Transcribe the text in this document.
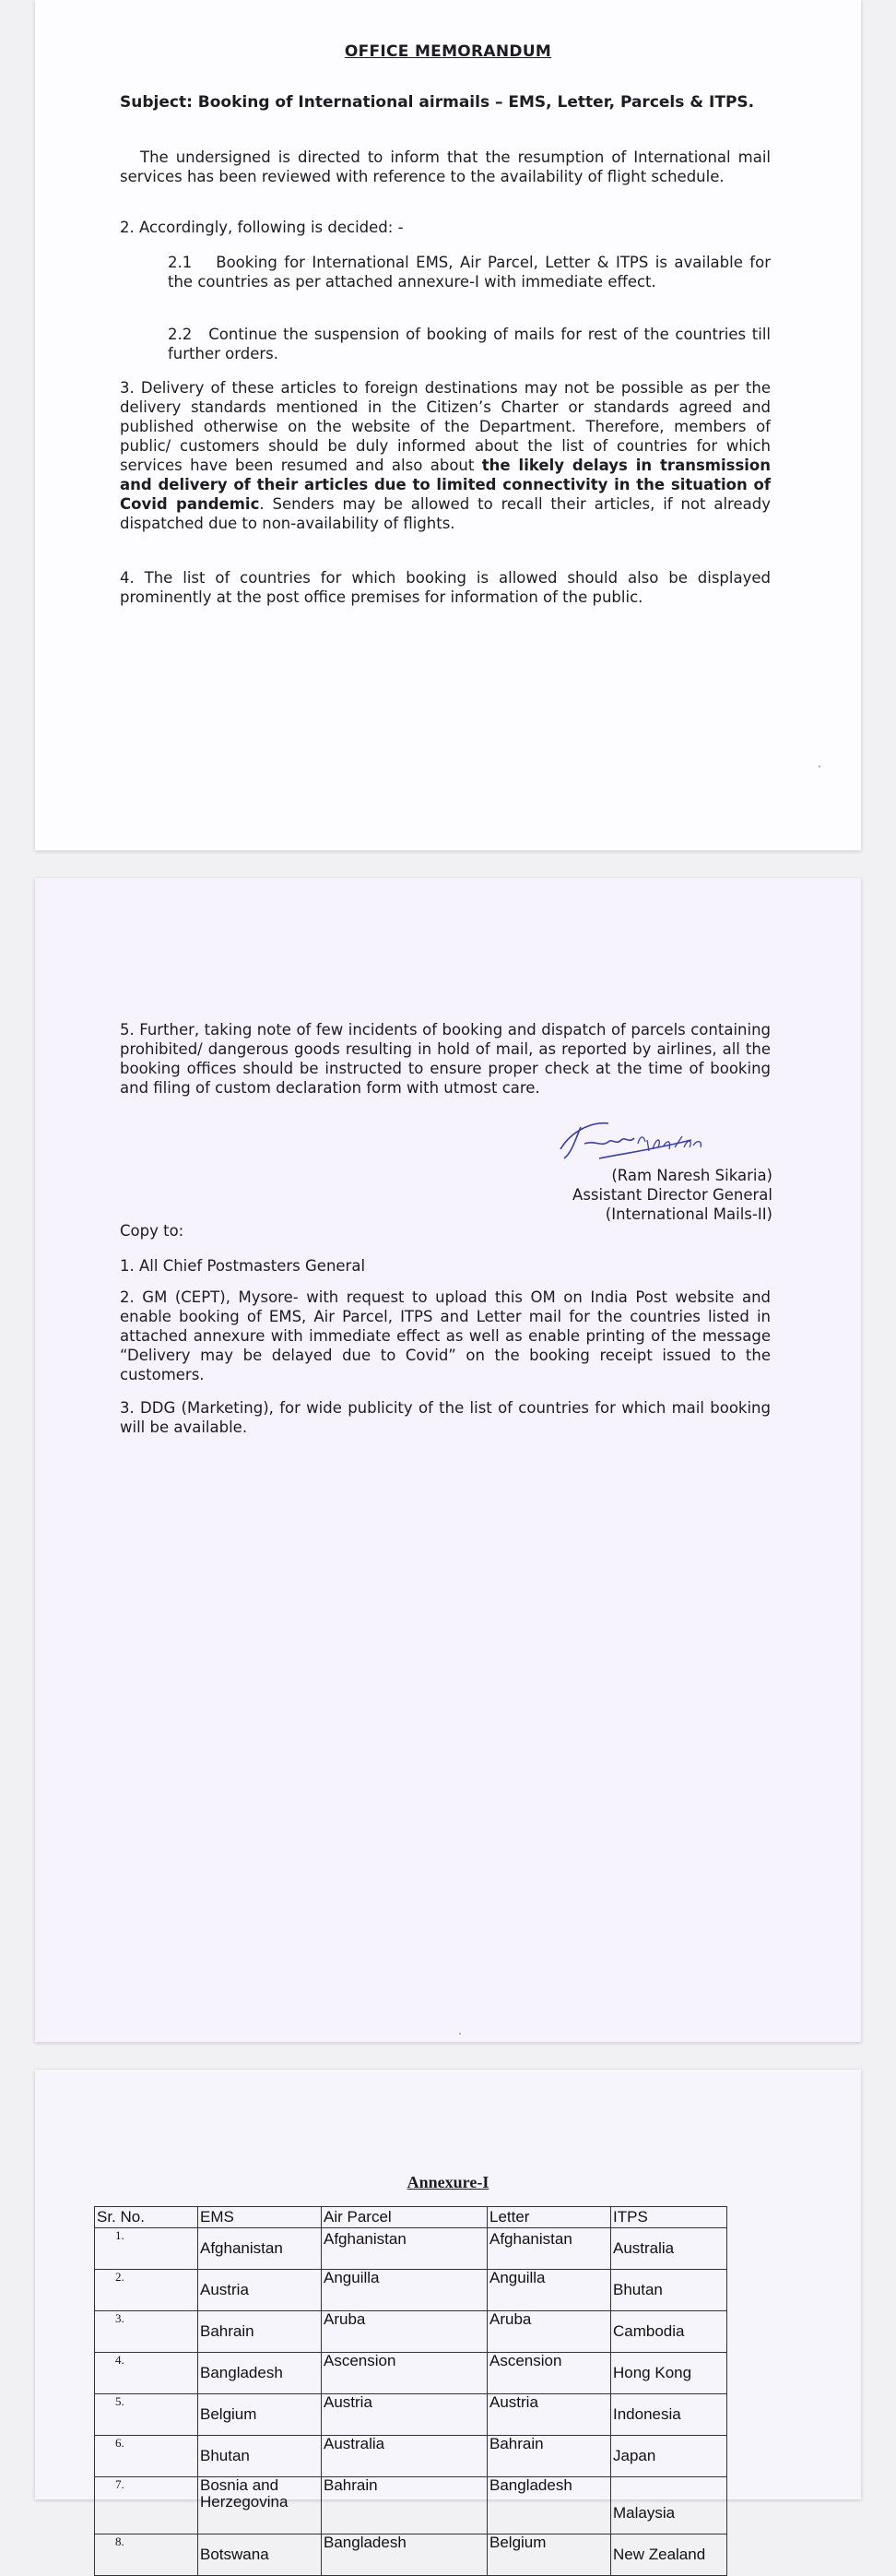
OFFICE MEMORANDUM
Subject: Booking of International airmails – EMS, Letter, Parcels & ITPS.
The undersigned is directed to inform that the resumption of International mail services has been reviewed with reference to the availability of flight schedule.
2. Accordingly, following is decided: -
2.1 Booking for International EMS, Air Parcel, Letter & ITPS is available for the countries as per attached annexure-I with immediate effect.
2.2 Continue the suspension of booking of mails for rest of the countries till further orders.
3. Delivery of these articles to foreign destinations may not be possible as per the delivery standards mentioned in the Citizen’s Charter or standards agreed and published otherwise on the website of the Department. Therefore, members of public/ customers should be duly informed about the list of countries for which services have been resumed and also about the likely delays in transmission and delivery of their articles due to limited connectivity in the situation of Covid pandemic. Senders may be allowed to recall their articles, if not already dispatched due to non-availability of flights.
4. The list of countries for which booking is allowed should also be displayed prominently at the post office premises for information of the public.
5. Further, taking note of few incidents of booking and dispatch of parcels containing prohibited/ dangerous goods resulting in hold of mail, as reported by airlines, all the booking offices should be instructed to ensure proper check at the time of booking and filing of custom declaration form with utmost care.
(Ram Naresh Sikaria)
Assistant Director General
(International Mails-II)
Copy to:
1. All Chief Postmasters General
2. GM (CEPT), Mysore- with request to upload this OM on India Post website and enable booking of EMS, Air Parcel, ITPS and Letter mail for the countries listed in attached annexure with immediate effect as well as enable printing of the message “Delivery may be delayed due to Covid” on the booking receipt issued to the customers.
3. DDG (Marketing), for wide publicity of the list of countries for which mail booking will be available.
Annexure-I
Sr. No.	EMS	Air Parcel	Letter	ITPS
1.	Afghanistan	Afghanistan	Afghanistan	Australia
2.	Austria	Anguilla	Anguilla	Bhutan
3.	Bahrain	Aruba	Aruba	Cambodia
4.	Bangladesh	Ascension	Ascension	Hong Kong
5.	Belgium	Austria	Austria	Indonesia
6.	Bhutan	Australia	Bahrain	Japan
7.	Bosnia and Herzegovina	Bahrain	Bangladesh	Malaysia
8.	Botswana	Bangladesh	Belgium	New Zealand
